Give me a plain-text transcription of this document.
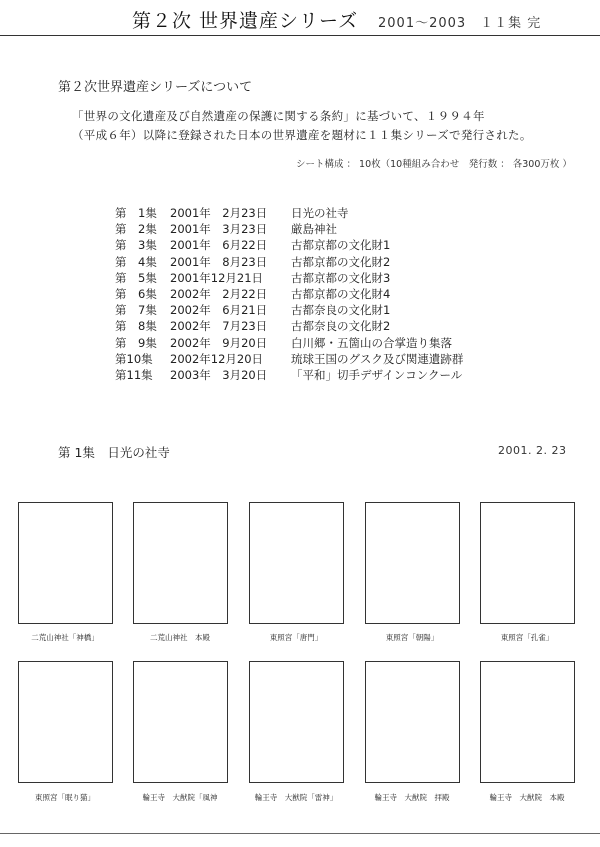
第２次 世界遺産シリーズ 2001～2003　１１集 完
第２次世界遺産シリーズについて
「世界の文化遺産及び自然遺産の保護に関する条約」に基づいて、１９９４年
（平成６年）以降に登録された日本の世界遺産を題材に１１集シリーズで発行された。
シート構成 ： 10枚（10種組み合わせ　発行数 ： 各300万枚 ）
第　1集	2001年　2月23日	日光の社寺
第　2集	2001年　3月23日	厳島神社
第　3集	2001年　6月22日	古都京都の文化財1
第　4集	2001年　8月23日	古都京都の文化財2
第　5集	2001年12月21日	古都京都の文化財3
第　6集	2002年　2月22日	古都京都の文化財4
第　7集	2002年　6月21日	古都奈良の文化財1
第　8集	2002年　7月23日	古都奈良の文化財2
第　9集	2002年　9月20日	白川郷・五箇山の合掌造り集落
第10集	2002年12月20日	琉球王国のグスク及び関連遺跡群
第11集	2003年　3月20日	「平和」切手デザインコンクール
第 1集　日光の社寺	2001. 2. 23
二荒山神社「神橋」	二荒山神社　本殿	東照宮「唐門」	東照宮「朝陽」	東照宮「孔雀」
東照宮「眠り猫」	輪王寺　大猷院「風神	輪王寺　大猷院「雷神」	輪王寺　大猷院　拝殿	輪王寺　大猷院　本殿
